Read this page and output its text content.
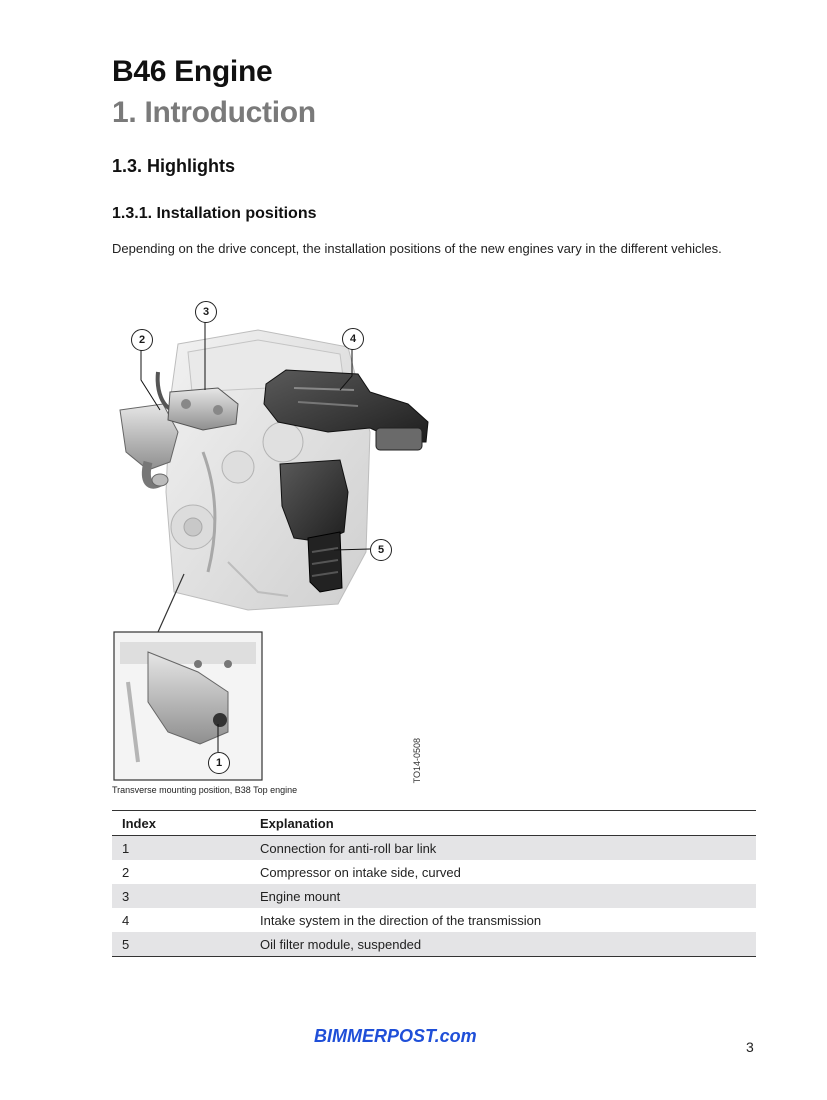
B46 Engine
1. Introduction
1.3. Highlights
1.3.1. Installation positions

Depending on the drive concept, the installation positions of the new engines vary in the different vehicles.

2
3
4
5
1	TO14-0508
Transverse mounting position, B38 Top engine
Index	Explanation
1	Connection for anti-roll bar link
2	Compressor on intake side, curved
3	Engine mount
4	Intake system in the direction of the transmission
5	Oil filter module, suspended
BIMMERPOST.com
3
